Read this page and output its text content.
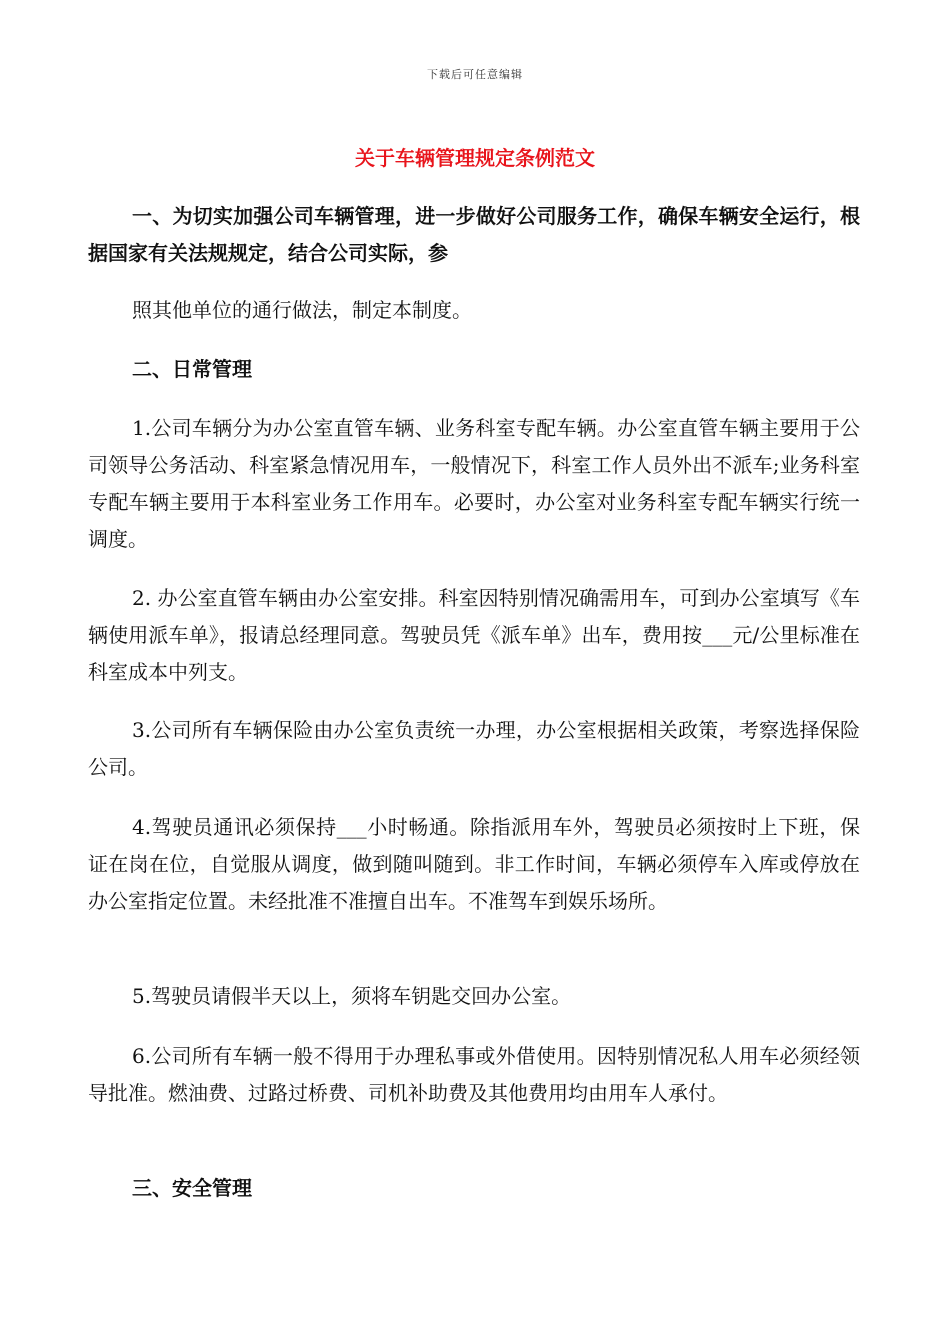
下载后可任意编辑
关于车辆管理规定条例范文
一、为切实加强公司车辆管理，进一步做好公司服务工作，确保车辆安全运行，根据国家有关法规规定，结合公司实际，参
照其他单位的通行做法，制定本制度。
二、日常管理
1.公司车辆分为办公室直管车辆、业务科室专配车辆。办公室直管车辆主要用于公司领导公务活动、科室紧急情况用车，一般情况下，科室工作人员外出不派车;业务科室专配车辆主要用于本科室业务工作用车。必要时，办公室对业务科室专配车辆实行统一调度。
2. 办公室直管车辆由办公室安排。科室因特别情况确需用车，可到办公室填写《车辆使用派车单》，报请总经理同意。驾驶员凭《派车单》出车，费用按___元/公里标准在科室成本中列支。
3.公司所有车辆保险由办公室负责统一办理，办公室根据相关政策，考察选择保险公司。
4.驾驶员通讯必须保持___小时畅通。除指派用车外，驾驶员必须按时上下班，保证在岗在位，自觉服从调度，做到随叫随到。非工作时间，车辆必须停车入库或停放在办公室指定位置。未经批准不准擅自出车。不准驾车到娱乐场所。
5.驾驶员请假半天以上，须将车钥匙交回办公室。
6.公司所有车辆一般不得用于办理私事或外借使用。因特别情况私人用车必须经领导批准。燃油费、过路过桥费、司机补助费及其他费用均由用车人承付。
三、安全管理
